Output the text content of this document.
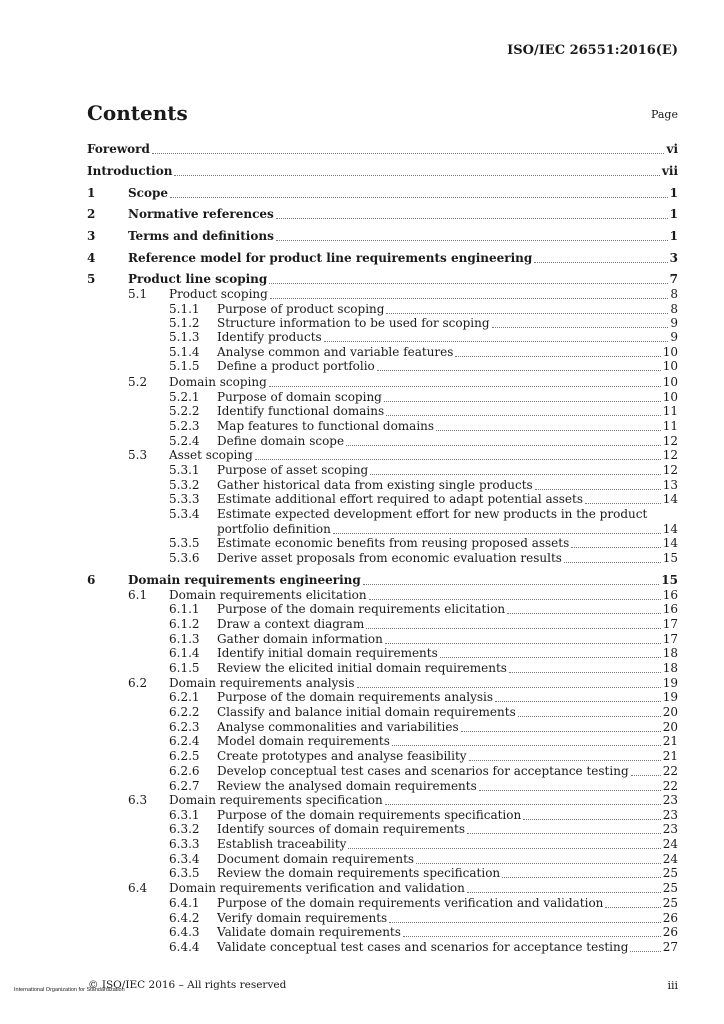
ISO/IEC 26551:2016(E)
Contents	Page
Foreword	vi
Introduction	vii
1	Scope	1
2	Normative references	1
3	Terms and definitions	1
4	Reference model for product line requirements engineering	3
5	Product line scoping	7
5.1 Product scoping	8
5.1.1 Purpose of product scoping	8
5.1.2 Structure information to be used for scoping	9
5.1.3 Identify products	9
5.1.4 Analyse common and variable features	10
5.1.5 Define a product portfolio	10
5.2 Domain scoping	10
5.2.1 Purpose of domain scoping	10
5.2.2 Identify functional domains	11
5.2.3 Map features to functional domains	11
5.2.4 Define domain scope	12
5.3 Asset scoping	12
5.3.1 Purpose of asset scoping	12
5.3.2 Gather historical data from existing single products	13
5.3.3 Estimate additional effort required to adapt potential assets	14
5.3.4 Estimate expected development effort for new products in the product
portfolio definition	14
5.3.5 Estimate economic benefits from reusing proposed assets	14
5.3.6 Derive asset proposals from economic evaluation results	15
6	Domain requirements engineering	15
6.1 Domain requirements elicitation	16
6.1.1 Purpose of the domain requirements elicitation	16
6.1.2 Draw a context diagram	17
6.1.3 Gather domain information	17
6.1.4 Identify initial domain requirements	18
6.1.5 Review the elicited initial domain requirements	18
6.2 Domain requirements analysis	19
6.2.1 Purpose of the domain requirements analysis	19
6.2.2 Classify and balance initial domain requirements	20
6.2.3 Analyse commonalities and variabilities	20
6.2.4 Model domain requirements	21
6.2.5 Create prototypes and analyse feasibility	21
6.2.6 Develop conceptual test cases and scenarios for acceptance testing	22
6.2.7 Review the analysed domain requirements	22
6.3 Domain requirements specification	23
6.3.1 Purpose of the domain requirements specification	23
6.3.2 Identify sources of domain requirements	23
6.3.3 Establish traceability	24
6.3.4 Document domain requirements	24
6.3.5 Review the domain requirements specification	25
6.4 Domain requirements verification and validation	25
6.4.1 Purpose of the domain requirements verification and validation	25
6.4.2 Verify domain requirements	26
6.4.3 Validate domain requirements	26
6.4.4 Validate conceptual test cases and scenarios for acceptance testing	27
© ISO/IEC 2016 – All rights reserved	iii
International Organization for Standardization
